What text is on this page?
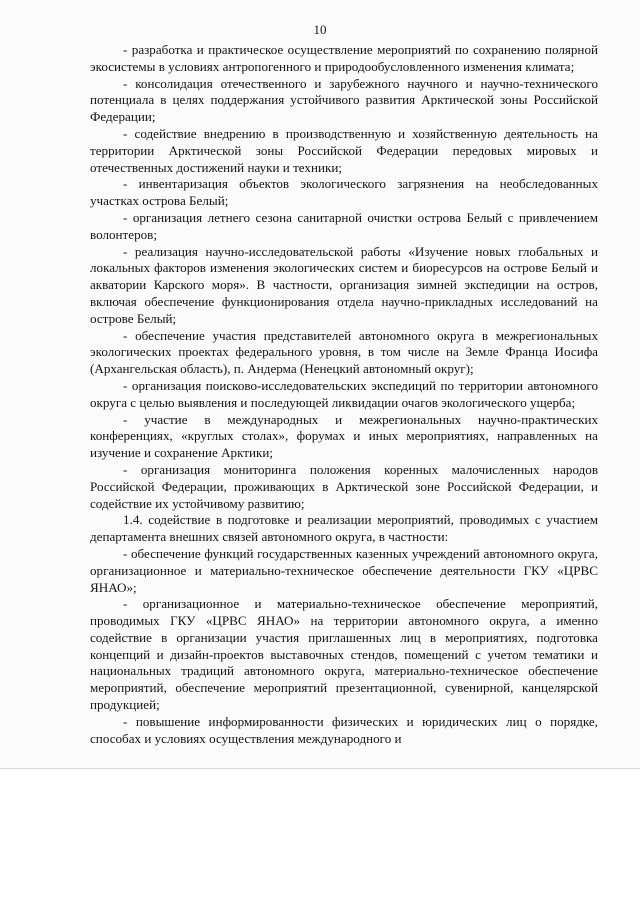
10

- разработка и практическое осуществление мероприятий по сохранению полярной экосистемы в условиях антропогенного и природообусловленного изменения климата;

- консолидация отечественного и зарубежного научного и научно-технического потенциала в целях поддержания устойчивого развития Арктической зоны Российской Федерации;

- содействие внедрению в производственную и хозяйственную деятельность на территории Арктической зоны Российской Федерации передовых мировых и отечественных достижений науки и техники;

- инвентаризация объектов экологического загрязнения на необследованных участках острова Белый;

- организация летнего сезона санитарной очистки острова Белый с привлечением волонтеров;

- реализация научно-исследовательской работы «Изучение новых глобальных и локальных факторов изменения экологических систем и биоресурсов на острове Белый и акватории Карского моря». В частности, организация зимней экспедиции на остров, включая обеспечение функционирования отдела научно-прикладных исследований на острове Белый;

- обеспечение участия представителей автономного округа в межрегиональных экологических проектах федерального уровня, в том числе на Земле Франца Иосифа (Архангельская область), п. Андерма (Ненецкий автономный округ);

- организация поисково-исследовательских экспедиций по территории автономного округа с целью выявления и последующей ликвидации очагов экологического ущерба;

- участие в международных и межрегиональных научно-практических конференциях, «круглых столах», форумах и иных мероприятиях, направленных на изучение и сохранение Арктики;

- организация мониторинга положения коренных малочисленных народов Российской Федерации, проживающих в Арктической зоне Российской Федерации, и содействие их устойчивому развитию;

1.4. содействие в подготовке и реализации мероприятий, проводимых с участием департамента внешних связей автономного округа, в частности:

- обеспечение функций государственных казенных учреждений автономного округа, организационное и материально-техническое обеспечение деятельности ГКУ «ЦРВС ЯНАО»;

- организационное и материально-техническое обеспечение мероприятий, проводимых ГКУ «ЦРВС ЯНАО» на территории автономного округа, а именно содействие в организации участия приглашенных лиц в мероприятиях, подготовка концепций и дизайн-проектов выставочных стендов, помещений с учетом тематики и национальных традиций автономного округа, материально-техническое обеспечение мероприятий, обеспечение мероприятий презентационной, сувенирной, канцелярской продукцией;

- повышение информированности физических и юридических лиц о порядке, способах и условиях осуществления международного и
